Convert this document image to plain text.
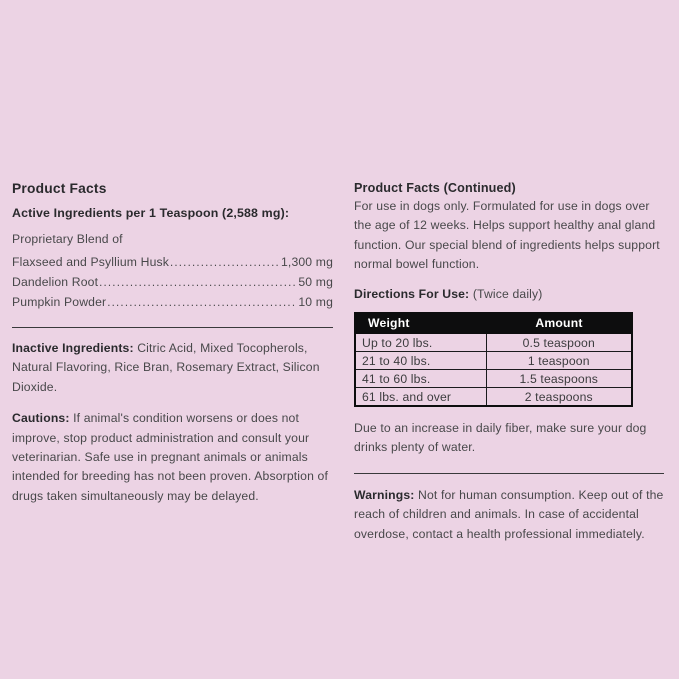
Product Facts
Active Ingredients per 1 Teaspoon (2,588 mg):

Proprietary Blend of

Flaxseed and Psyllium Husk .....	1,300 mg
Dandelion Root .....	50 mg
Pumpkin Powder .....	10 mg

Inactive Ingredients: Citric Acid, Mixed Tocopherols, Natural Flavoring, Rice Bran, Rosemary Extract, Silicon Dioxide.

Cautions: If animal's condition worsens or does not improve, stop product administration and consult your veterinarian. Safe use in pregnant animals or animals intended for breeding has not been proven. Absorption of drugs taken simultaneously may be delayed.

Product Facts (Continued)

For use in dogs only. Formulated for use in dogs over the age of 12 weeks. Helps support healthy anal gland function. Our special blend of ingredients helps support normal bowel function.

Directions For Use: (Twice daily)

Weight	Amount
Up to 20 lbs.	0.5 teaspoon
21 to 40 lbs.	1 teaspoon
41 to 60 lbs.	1.5 teaspoons
61 lbs. and over	2 teaspoons

Due to an increase in daily fiber, make sure your dog drinks plenty of water.

Warnings: Not for human consumption. Keep out of the reach of children and animals. In case of accidental overdose, contact a health professional immediately.
